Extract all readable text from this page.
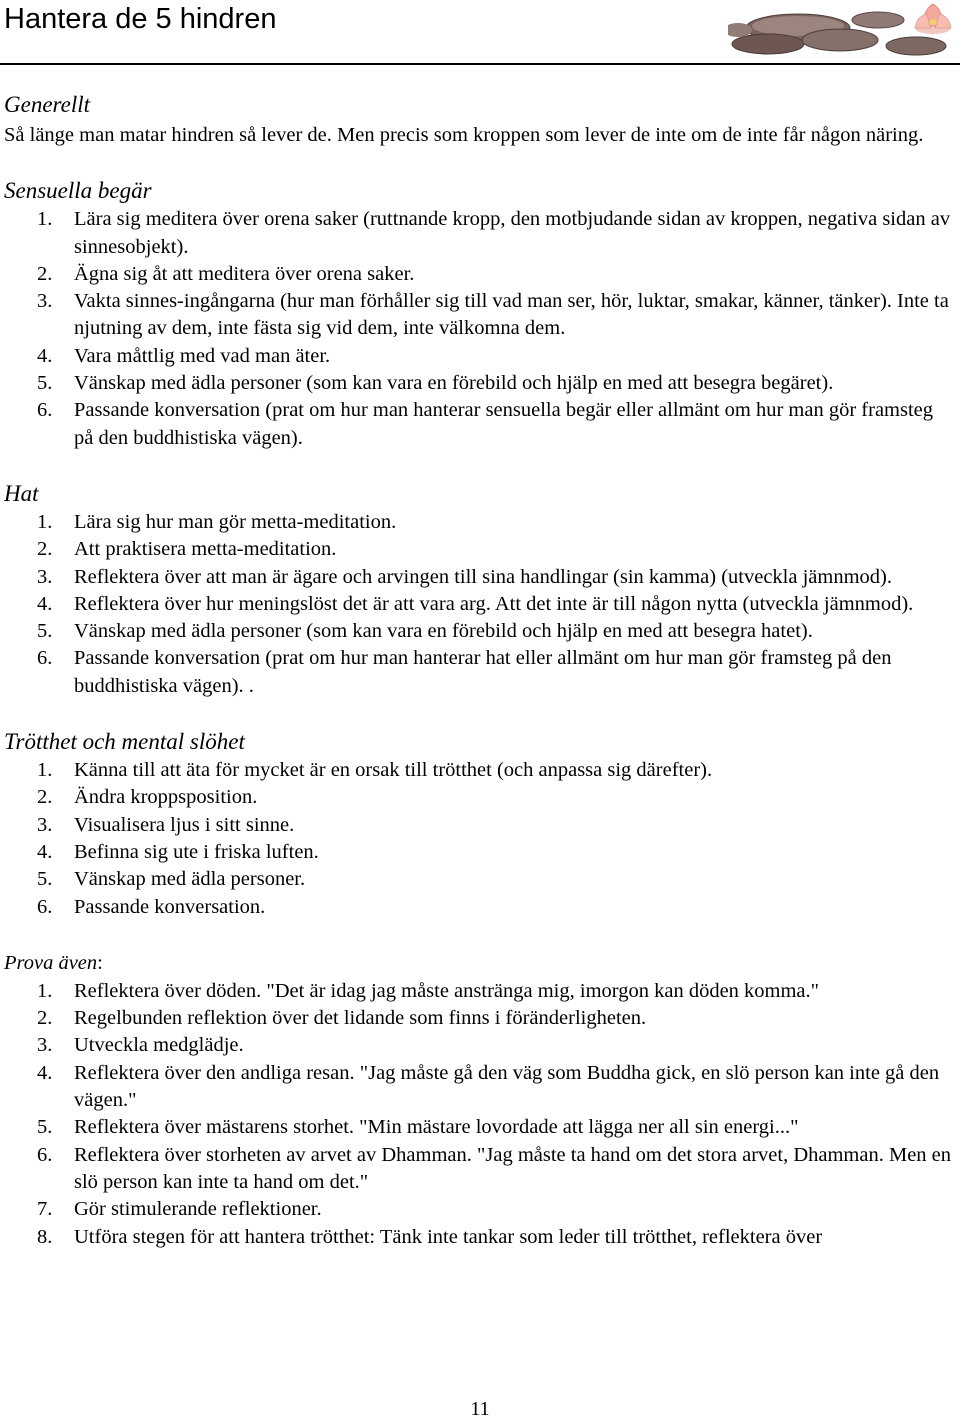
Hantera de 5 hindren
Generellt

Så länge man matar hindren så lever de. Men precis som kroppen som lever de inte om de inte får någon näring.

Sensuella begär
1. Lära sig meditera över orena saker (ruttnande kropp, den motbjudande sidan av kroppen, negativa sidan av sinnesobjekt).
2. Ägna sig åt att meditera över orena saker.
3. Vakta sinnes-ingångarna (hur man förhåller sig till vad man ser, hör, luktar, smakar, känner, tänker). Inte ta njutning av dem, inte fästa sig vid dem, inte välkomna dem.
4. Vara måttlig med vad man äter.
5. Vänskap med ädla personer (som kan vara en förebild och hjälp en med att besegra begäret).
6. Passande konversation (prat om hur man hanterar sensuella begär eller allmänt om hur man gör framsteg på den buddhistiska vägen).
Hat
1. Lära sig hur man gör metta-meditation.
2. Att praktisera metta-meditation.
3. Reflektera över att man är ägare och arvingen till sina handlingar (sin kamma) (utveckla jämnmod).
4. Reflektera över hur meningslöst det är att vara arg. Att det inte är till någon nytta (utveckla jämnmod).
5. Vänskap med ädla personer (som kan vara en förebild och hjälp en med att besegra hatet).
6. Passande konversation (prat om hur man hanterar hat eller allmänt om hur man gör framsteg på den buddhistiska vägen). .
Trötthet och mental slöhet
1. Känna till att äta för mycket är en orsak till trötthet (och anpassa sig därefter).
2. Ändra kroppsposition.
3. Visualisera ljus i sitt sinne.
4. Befinna sig ute i friska luften.
5. Vänskap med ädla personer.
6. Passande konversation.
Prova även:
1. Reflektera över döden. "Det är idag jag måste anstränga mig, imorgon kan döden komma."
2. Regelbunden reflektion över det lidande som finns i föränderligheten.
3. Utveckla medglädje.
4. Reflektera över den andliga resan. "Jag måste gå den väg som Buddha gick, en slö person kan inte gå den vägen."
5. Reflektera över mästarens storhet. "Min mästare lovordade att lägga ner all sin energi..."
6. Reflektera över storheten av arvet av Dhamman. "Jag måste ta hand om det stora arvet, Dhamman. Men en slö person kan inte ta hand om det."
7. Gör stimulerande reflektioner.
8. Utföra stegen för att hantera trötthet: Tänk inte tankar som leder till trötthet, reflektera över
11
